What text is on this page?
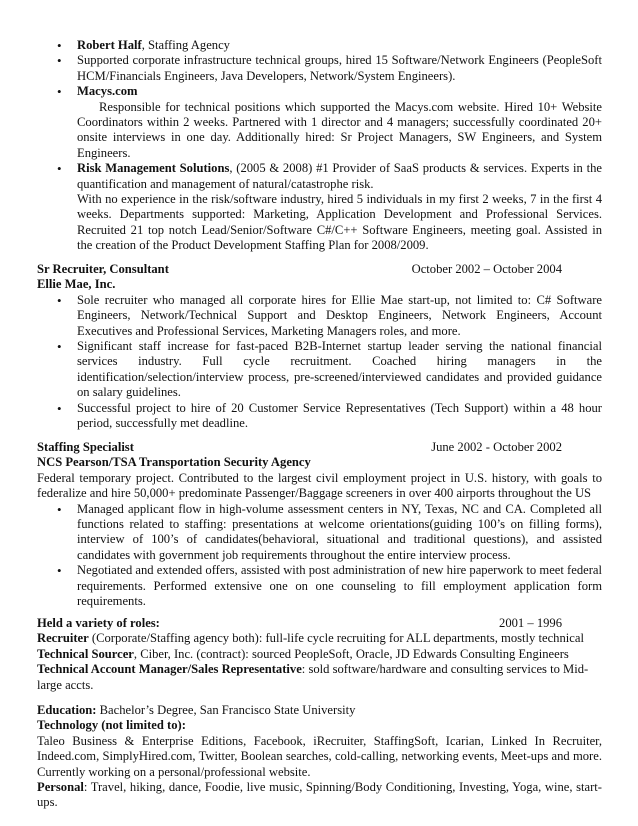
• Robert Half, Staffing Agency
• Supported corporate infrastructure technical groups, hired 15 Software/Network Engineers (PeopleSoft HCM/Financials Engineers, Java Developers, Network/System Engineers).
• Macys.com

Responsible for technical positions which supported the Macys.com website. Hired 10+ Website Coordinators within 2 weeks. Partnered with 1 director and 4 managers; successfully coordinated 20+ onsite interviews in one day. Additionally hired: Sr Project Managers, SW Engineers, and System Engineers.

• Risk Management Solutions, (2005 & 2008) #1 Provider of SaaS products & services. Experts in the quantification and management of natural/catastrophe risk.

With no experience in the risk/software industry, hired 5 individuals in my first 2 weeks, 7 in the first 4 weeks. Departments supported: Marketing, Application Development and Professional Services. Recruited 21 top notch Lead/Senior/Software C#/C++ Software Engineers, meeting goal. Assisted in the creation of the Product Development Staffing Plan for 2008/2009.

Sr Recruiter, Consultant	October 2002 – October 2004
Ellie Mae, Inc.
• Sole recruiter who managed all corporate hires for Ellie Mae start-up, not limited to: C# Software Engineers, Network/Technical Support and Desktop Engineers, Network Engineers, Account Executives and Professional Services, Marketing Managers roles, and more.
• Significant staff increase for fast-paced B2B-Internet startup leader serving the national financial services industry. Full cycle recruitment. Coached hiring managers in the identification/selection/interview process, pre-screened/interviewed candidates and provided guidance on salary guidelines.
• Successful project to hire of 20 Customer Service Representatives (Tech Support) within a 48 hour period, successfully met deadline.
Staffing Specialist	June 2002 - October 2002
NCS Pearson/TSA Transportation Security Agency

Federal temporary project. Contributed to the largest civil employment project in U.S. history, with goals to federalize and hire 50,000+ predominate Passenger/Baggage screeners in over 400 airports throughout the US

• Managed applicant flow in high-volume assessment centers in NY, Texas, NC and CA. Completed all functions related to staffing: presentations at welcome orientations(guiding 100’s on filling forms), interview of 100’s of candidates(behavioral, situational and traditional questions), and assisted candidates with government job requirements throughout the entire interview process.
• Negotiated and extended offers, assisted with post administration of new hire paperwork to meet federal requirements. Performed extensive one on one counseling to fill employment application form requirements.
Held a variety of roles:	2001 – 1996

Recruiter (Corporate/Staffing agency both): full-life cycle recruiting for ALL departments, mostly technical

Technical Sourcer, Ciber, Inc. (contract): sourced PeopleSoft, Oracle, JD Edwards Consulting Engineers

Technical Account Manager/Sales Representative: sold software/hardware and consulting services to Mid-large accts.

Education: Bachelor’s Degree, San Francisco State University

Technology (not limited to):

Taleo Business & Enterprise Editions, Facebook, iRecruiter, StaffingSoft, Icarian, Linked In Recruiter, Indeed.com, SimplyHired.com, Twitter, Boolean searches, cold-calling, networking events, Meet-ups and more. Currently working on a personal/professional website.

Personal: Travel, hiking, dance, Foodie, live music, Spinning/Body Conditioning, Investing, Yoga, wine, start-ups.
